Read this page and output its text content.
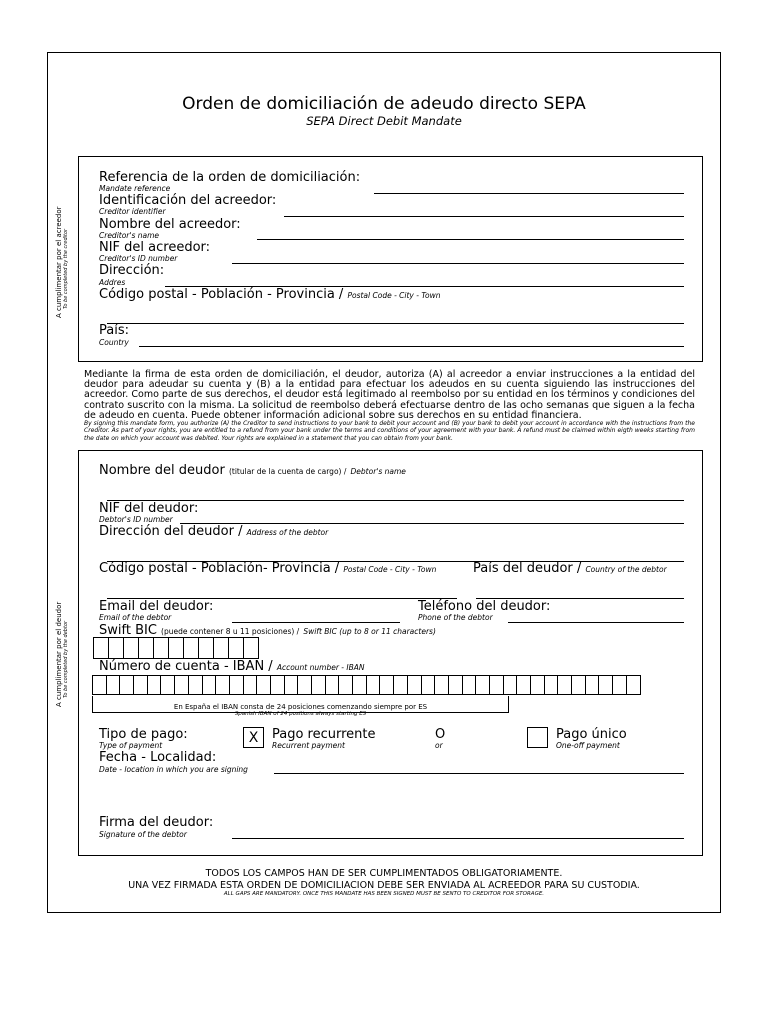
Orden de domiciliación de adeudo directo SEPA
SEPA Direct Debit Mandate
A cumplimentar por el acreedor To be completed by the creditor
Referencia de la orden de domiciliación:
Mandate reference
Identificación del acreedor:
Creditor identifier
Nombre del acreedor:
Creditor's name
NIF del acreedor:
Creditor's ID number
Dirección:
Addres
Código postal - Población - Provincia / Postal Code - City - Town
País:
Country
Mediante la firma de esta orden de domiciliación, el deudor, autoriza (A) al acreedor a enviar instrucciones a la entidad del deudor para adeudar su cuenta y (B) a la entidad para efectuar los adeudos en su cuenta siguiendo las instrucciones del acreedor. Como parte de sus derechos, el deudor está legitimado al reembolso por su entidad en los términos y condiciones del contrato suscrito con la misma. La solicitud de reembolso deberá efectuarse dentro de las ocho semanas que siguen a la fecha de adeudo en cuenta. Puede obtener información adicional sobre sus derechos en su entidad financiera.
By signing this mandate form, you authorize (A) the Creditor to send instructions to your bank to debit your account and (B) your bank to debit your account in accordance with the instructions from the Creditor. As part of your rights, you are entitled to a refund from your bank under the terms and conditions of your agreement with your bank. A refund must be claimed within eigth weeks starting from the date on which your account was debited. Your rights are explained in a statement that you can obtain from your bank.
A cumplimentar por el deudor To be completed by the debtor
Nombre del deudor (titular de la cuenta de cargo) / Debtor's name
NIF del deudor:
Debtor's ID number
Dirección del deudor / Address of the debtor
Código postal - Población- Provincia / Postal Code - City - Town	País del deudor / Country of the debtor
Email del deudor:
Email of the debtor
Teléfono del deudor:
Phone of the debtor
Swift BIC (puede contener 8 u 11 posiciones) / Swift BIC (up to 8 or 11 characters)
Número de cuenta - IBAN / Account number - IBAN
En España el IBAN consta de 24 posiciones comenzando siempre por ES
Spanish IBAN of 24 positions always starting ES
Tipo de pago:
Type of payment	X	Pago recurrente
Recurrent payment
O
or
Pago único
One-off payment
Fecha - Localidad:
Date - location in which you are signing
Firma del deudor:
Signature of the debtor
TODOS LOS CAMPOS HAN DE SER CUMPLIMENTADOS OBLIGATORIAMENTE.
UNA VEZ FIRMADA ESTA ORDEN DE DOMICILIACION DEBE SER ENVIADA AL ACREEDOR PARA SU CUSTODIA.
ALL GAPS ARE MANDATORY. ONCE THIS MANDATE HAS BEEN SIGNED MUST BE SENTO TO CREDITOR FOR STORAGE.
